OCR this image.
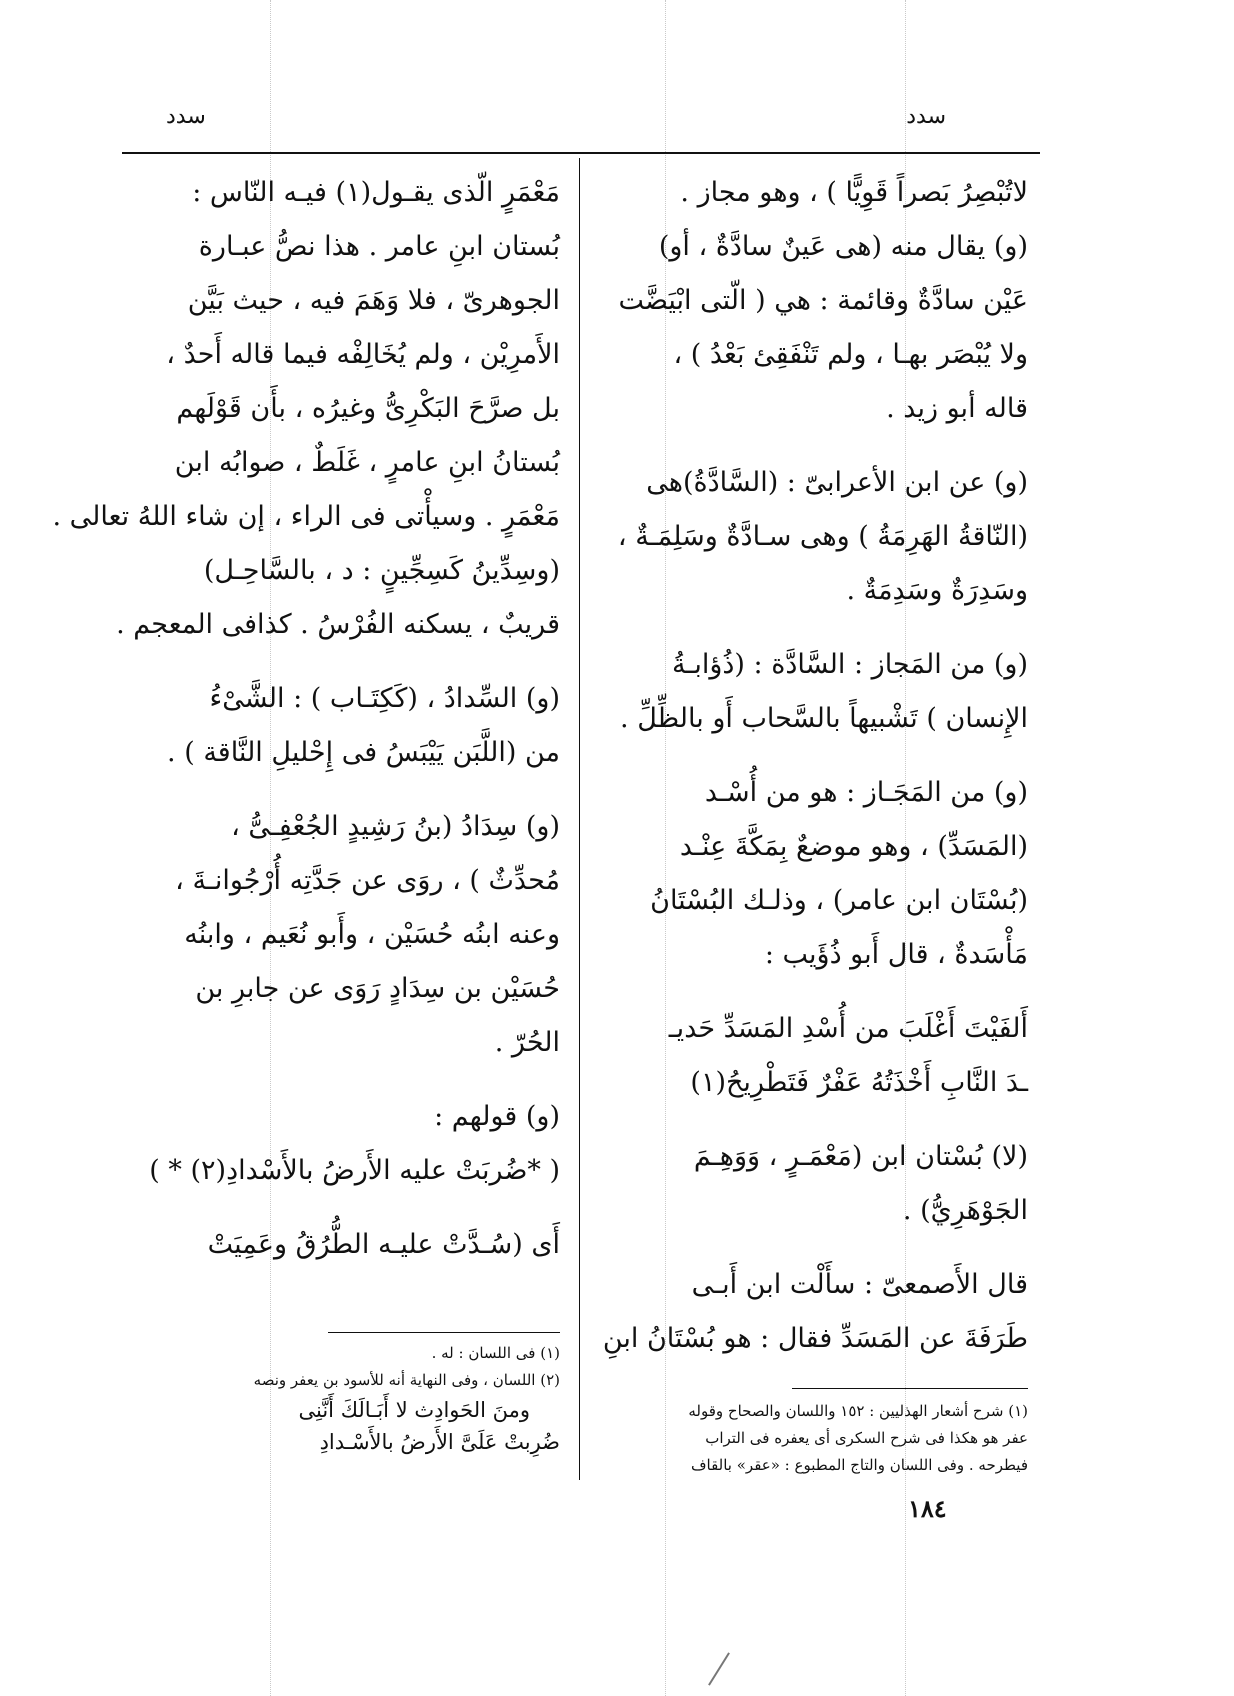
سدد
سدد
لاتُبْصِرُ بَصراً قَوِيًّا ) ، وهو مجاز .
(و) يقال منه (هى عَينٌ سادَّةٌ ، أو)
عَيْن سادَّةٌ وقائمة : هي ( الّتى ابْيَضَّت
ولا يُبْصَر بهـا ، ولم تَنْفَقِئ بَعْدُ ) ،
قاله أبو زيد .
(و) عن ابن الأعرابىّ : (السَّادَّةُ)هى
(النّاقةُ الهَرِمَةُ ) وهى سـادَّةٌ وسَلِمَـةٌ ،
وسَدِرَةٌ وسَدِمَةٌ .
(و) من المَجاز : السَّادَّة : (ذُؤابـةُ
الإِنسان ) تَشْبيهاً بالسَّحاب أَو بالظِّلِّ .
(و) من المَجَـاز : هو من أُسْـد
(المَسَدِّ) ، وهو موضعٌ بِمَكَّةَ عِنْـد
(بُسْتَان ابن عامر) ، وذلـك البُسْتَانُ
مَأْسَدةٌ ، قال أَبو ذُؤَيب :
أَلفَيْتَ أَغْلَبَ من أُسْدِ المَسَدِّ حَديـ
ـدَ النَّابِ أَخْذَتُهُ عَفْرٌ فَتَطْرِيحُ(١)
(لا) بُسْتان ابن (مَعْمَـرٍ ، وَوَهِـمَ
الجَوْهَرِيُّ) .
قال الأَصمعىّ : سأَلْت ابن أَبـى
طَرَفَةَ عن المَسَدِّ فقال : هو بُسْتَانُ ابنِ
مَعْمَرٍ الّذى يقـول(١) فيـه النّاس :
بُستان ابنِ عامر . هذا نصُّ عبـارة
الجوهرىّ ، فلا وَهَمَ فيه ، حيث بَيَّن
الأَمرِيْن ، ولم يُخَالِفْه فيما قاله أَحدٌ ،
بل صرَّحَ البَكْرِىُّ وغيرُه ، بأَن قَوْلَهم
بُستانُ ابنِ عامرٍ ، غَلَطٌ ، صوابُه ابن
مَعْمَرٍ . وسيأْتى فى الراء ، إن شاء اللهُ تعالى .
(وسِدِّينُ كَسِجِّينٍ : د ، بالسَّاحِـل)
قريبٌ ، يسكنه الفُرْسُ . كذافى المعجم .
(و) السِّدادُ ، (كَكِتَـاب ) : الشَّىْءُ
من (اللَّبَن يَيْبَسُ فى إِحْليلِ النَّاقة ) .
(و) سِدَادُ (بنُ رَشِيدٍ الجُعْفِـىُّ ،
مُحدِّثٌ ) ، روَى عن جَدَّتِه أُرْجُوانـةَ ،
وعنه ابنُه حُسَيْن ، وأَبو نُعَيم ، وابنُه
حُسَيْن بن سِدَادٍ رَوَى عن جابرِ بن
الحُرّ .
(و) قولهم :
( *ضُربَتْ عليه الأَرضُ بالأَسْدادِ(٢) * )
أَى (سُـدَّتْ عليـه الطُّرُقُ وعَمِيَتْ
(١) فى اللسان : له .
(٢) اللسان ، وفى النهاية أنه للأسود بن يعفر ونصه
ومنَ الحَوادِث لا أَبَـالَكَ أَنَّنِى
ضُرِبتْ عَلَىَّ الأَرضُ بالأَسْـدادِ
(١) شرح أشعار الهذليين : ١٥٢ واللسان والصحاح وقوله
عفر هو هكذا فى شرح السكرى أى يعفره فى التراب
فيطرحه . وفى اللسان والتاج المطبوع : «عقر» بالقاف
١٨٤
